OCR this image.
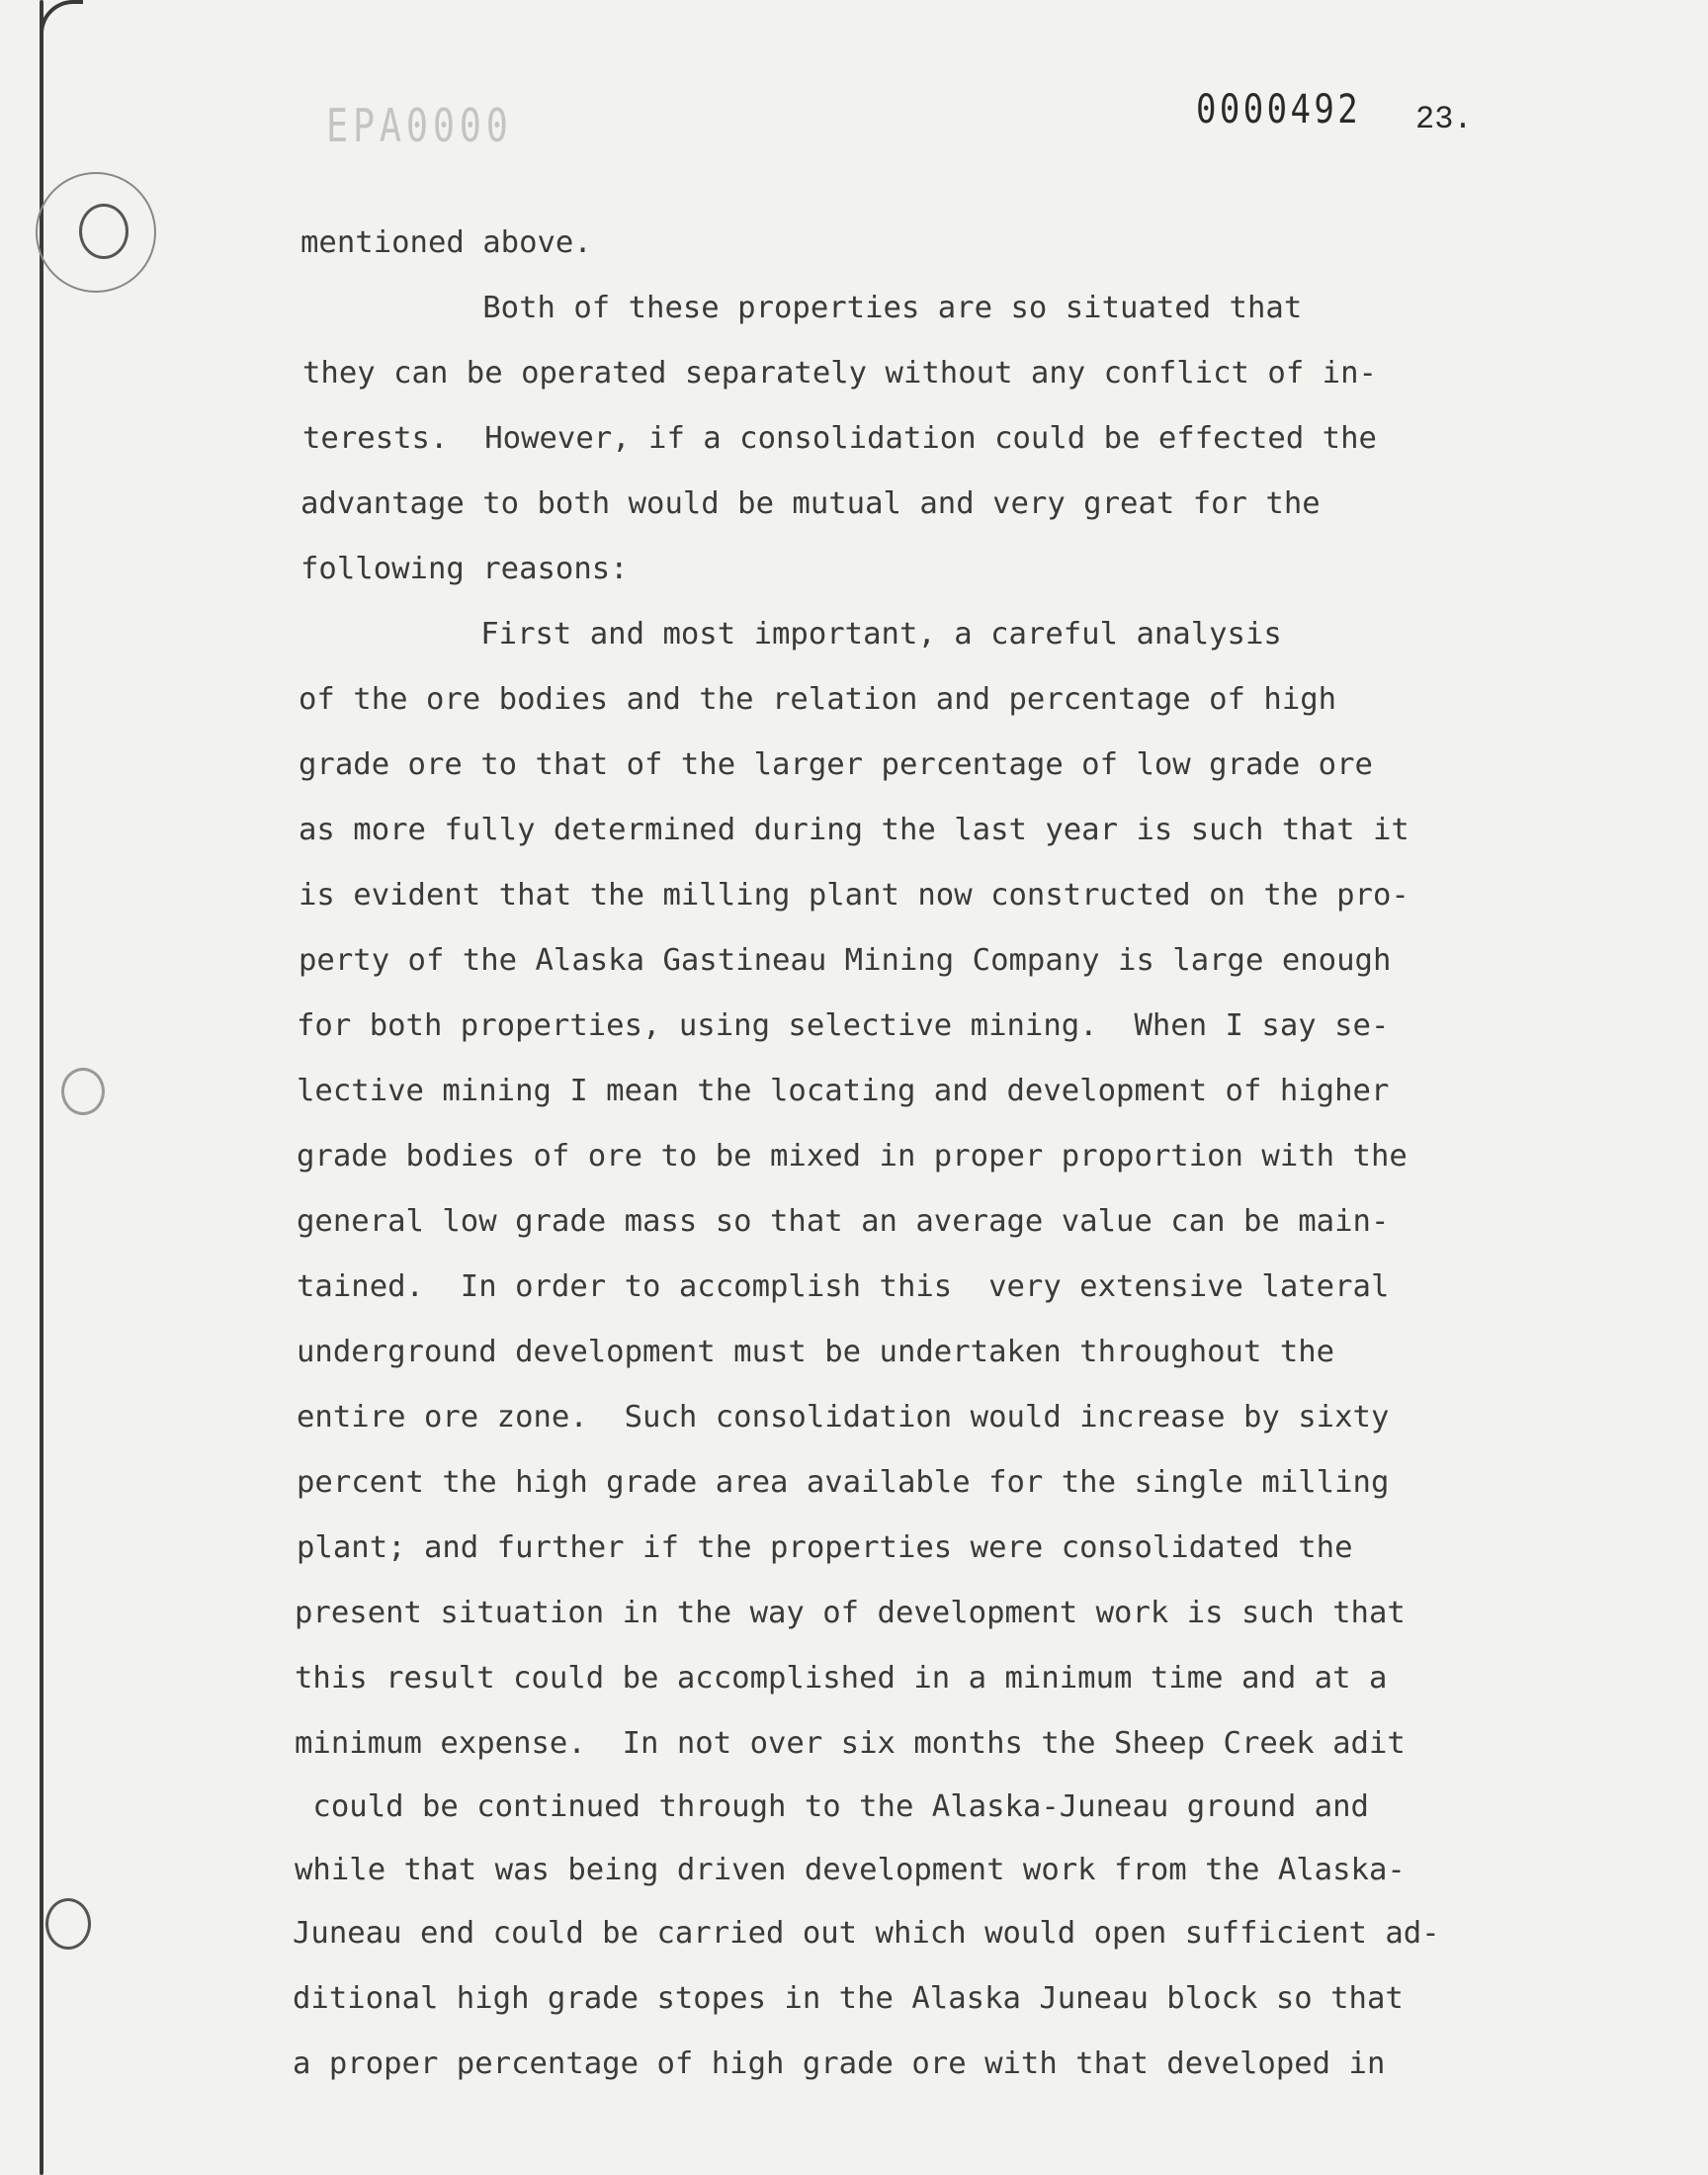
EPA0000	0000492 23.
mentioned above.
Both of these properties are so situated that
they can be operated separately without any conflict of in-
terests.  However, if a consolidation could be effected the
advantage to both would be mutual and very great for the
following reasons:
First and most important, a careful analysis
of the ore bodies and the relation and percentage of high
grade ore to that of the larger percentage of low grade ore
as more fully determined during the last year is such that it
is evident that the milling plant now constructed on the pro-
perty of the Alaska Gastineau Mining Company is large enough
for both properties, using selective mining.  When I say se-
lective mining I mean the locating and development of higher
grade bodies of ore to be mixed in proper proportion with the
general low grade mass so that an average value can be main-
tained.  In order to accomplish this  very extensive lateral
underground development must be undertaken throughout the
entire ore zone.  Such consolidation would increase by sixty
percent the high grade area available for the single milling
plant; and further if the properties were consolidated the
present situation in the way of development work is such that
this result could be accomplished in a minimum time and at a
minimum expense.  In not over six months the Sheep Creek adit
could be continued through to the Alaska-Juneau ground and
while that was being driven development work from the Alaska-
Juneau end could be carried out which would open sufficient ad-
ditional high grade stopes in the Alaska Juneau block so that
a proper percentage of high grade ore with that developed in
